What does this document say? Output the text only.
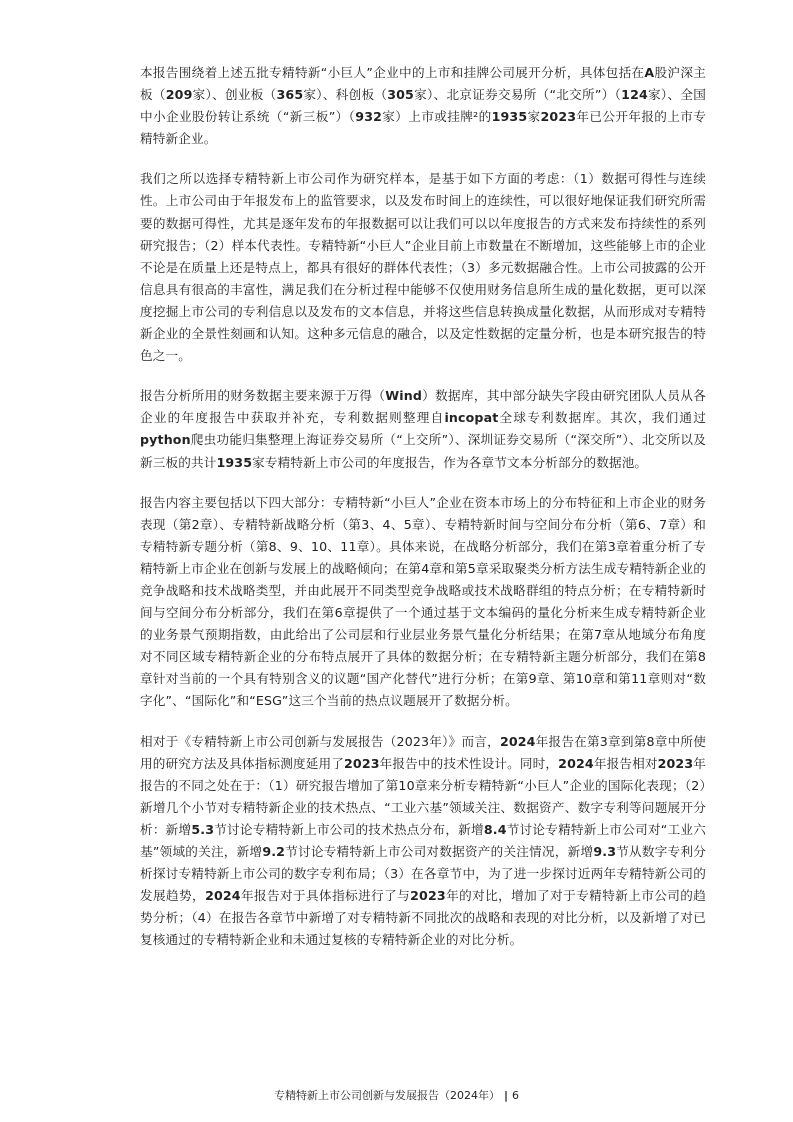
本报告围绕着上述五批专精特新“小巨人”企业中的上市和挂牌公司展开分析，具体包括在A股沪深主板（209家）、创业板（365家）、科创板（305家）、北京证券交易所（“北交所”）（124家）、全国中小企业股份转让系统（“新三板”）（932家）上市或挂牌²的1935家2023年已公开年报的上市专精特新企业。

我们之所以选择专精特新上市公司作为研究样本，是基于如下方面的考虑：（1）数据可得性与连续性。上市公司由于年报发布上的监管要求，以及发布时间上的连续性，可以很好地保证我们研究所需要的数据可得性，尤其是逐年发布的年报数据可以让我们可以以年度报告的方式来发布持续性的系列研究报告；（2）样本代表性。专精特新“小巨人”企业目前上市数量在不断增加，这些能够上市的企业不论是在质量上还是特点上，都具有很好的群体代表性；（3）多元数据融合性。上市公司披露的公开信息具有很高的丰富性，满足我们在分析过程中能够不仅使用财务信息所生成的量化数据，更可以深度挖掘上市公司的专利信息以及发布的文本信息，并将这些信息转换成量化数据，从而形成对专精特新企业的全景性刻画和认知。这种多元信息的融合，以及定性数据的定量分析，也是本研究报告的特色之一。

报告分析所用的财务数据主要来源于万得（Wind）数据库，其中部分缺失字段由研究团队人员从各企业的年度报告中获取并补充，专利数据则整理自incopat全球专利数据库。其次，我们通过python爬虫功能归集整理上海证券交易所（“上交所”）、深圳证券交易所（“深交所”）、北交所以及新三板的共计1935家专精特新上市公司的年度报告，作为各章节文本分析部分的数据池。

报告内容主要包括以下四大部分：专精特新“小巨人”企业在资本市场上的分布特征和上市企业的财务表现（第2章）、专精特新战略分析（第3、4、5章）、专精特新时间与空间分布分析（第6、7章）和专精特新专题分析（第8、9、10、11章）。具体来说，在战略分析部分，我们在第3章着重分析了专精特新上市企业在创新与发展上的战略倾向；在第4章和第5章采取聚类分析方法生成专精特新企业的竞争战略和技术战略类型，并由此展开不同类型竞争战略或技术战略群组的特点分析；在专精特新时间与空间分布分析部分，我们在第6章提供了一个通过基于文本编码的量化分析来生成专精特新企业的业务景气预期指数，由此给出了公司层和行业层业务景气量化分析结果；在第7章从地域分布角度对不同区域专精特新企业的分布特点展开了具体的数据分析；在专精特新主题分析部分，我们在第8章针对当前的一个具有特别含义的议题“国产化替代”进行分析；在第9章、第10章和第11章则对“数字化”、“国际化”和“ESG”这三个当前的热点议题展开了数据分析。

相对于《专精特新上市公司创新与发展报告（2023年）》而言，2024年报告在第3章到第8章中所使用的研究方法及具体指标测度延用了2023年报告中的技术性设计。同时，2024年报告相对2023年报告的不同之处在于：（1）研究报告增加了第10章来分析专精特新“小巨人”企业的国际化表现；（2）新增几个小节对专精特新企业的技术热点、“工业六基”领域关注、数据资产、数字专利等问题展开分析：新增5.3节讨论专精特新上市公司的技术热点分布，新增8.4节讨论专精特新上市公司对“工业六基”领域的关注，新增9.2节讨论专精特新上市公司对数据资产的关注情况，新增9.3节从数字专利分析探讨专精特新上市公司的数字专利布局；（3）在各章节中，为了进一步探讨近两年专精特新公司的发展趋势，2024年报告对于具体指标进行了与2023年的对比，增加了对于专精特新上市公司的趋势分析；（4）在报告各章节中新增了对专精特新不同批次的战略和表现的对比分析，以及新增了对已复核通过的专精特新企业和未通过复核的专精特新企业的对比分析。

专精特新上市公司创新与发展报告（2024年） | 6
